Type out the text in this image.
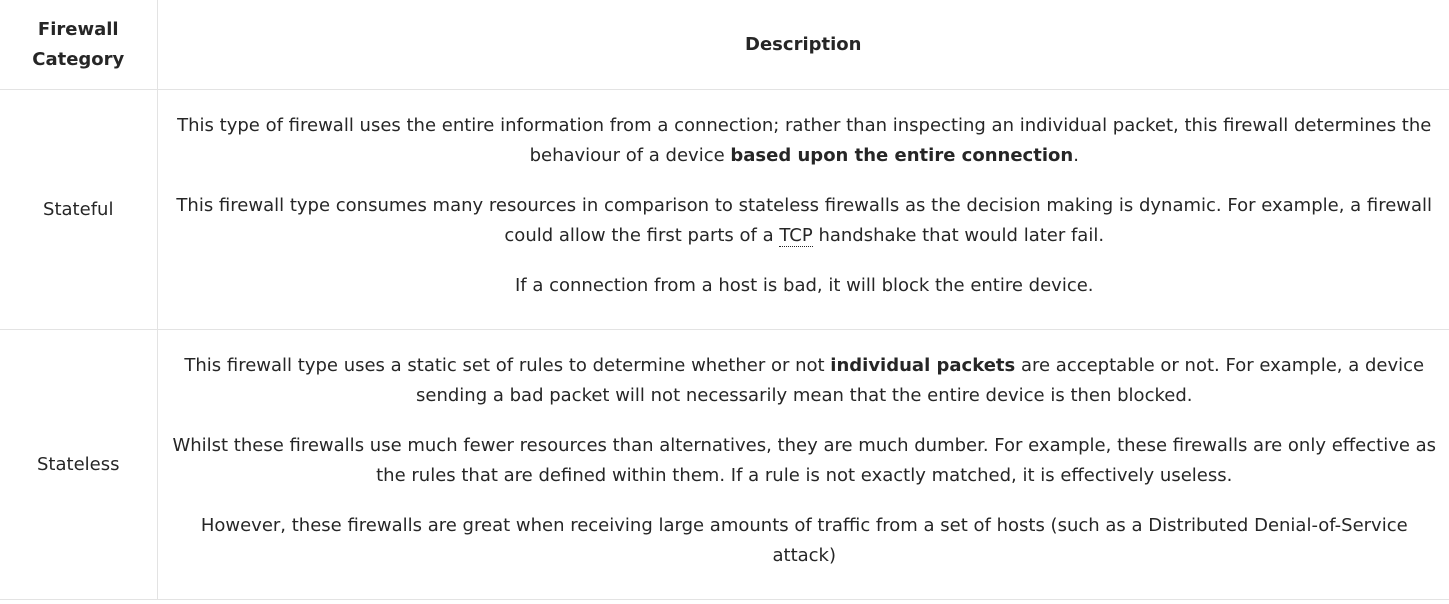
Firewall Category	Description
Stateful	This type of firewall uses the entire information from a connection; rather than inspecting an individual packet, this firewall determines the behaviour of a device based upon the entire connection.

This firewall type consumes many resources in comparison to stateless firewalls as the decision making is dynamic. For example, a firewall could allow the first parts of a TCP handshake that would later fail.

If a connection from a host is bad, it will block the entire device.

Stateless	This firewall type uses a static set of rules to determine whether or not individual packets are acceptable or not. For example, a device sending a bad packet will not necessarily mean that the entire device is then blocked.

Whilst these firewalls use much fewer resources than alternatives, they are much dumber. For example, these firewalls are only effective as the rules that are defined within them. If a rule is not exactly matched, it is effectively useless.

However, these firewalls are great when receiving large amounts of traffic from a set of hosts (such as a Distributed Denial-of-Service attack)
